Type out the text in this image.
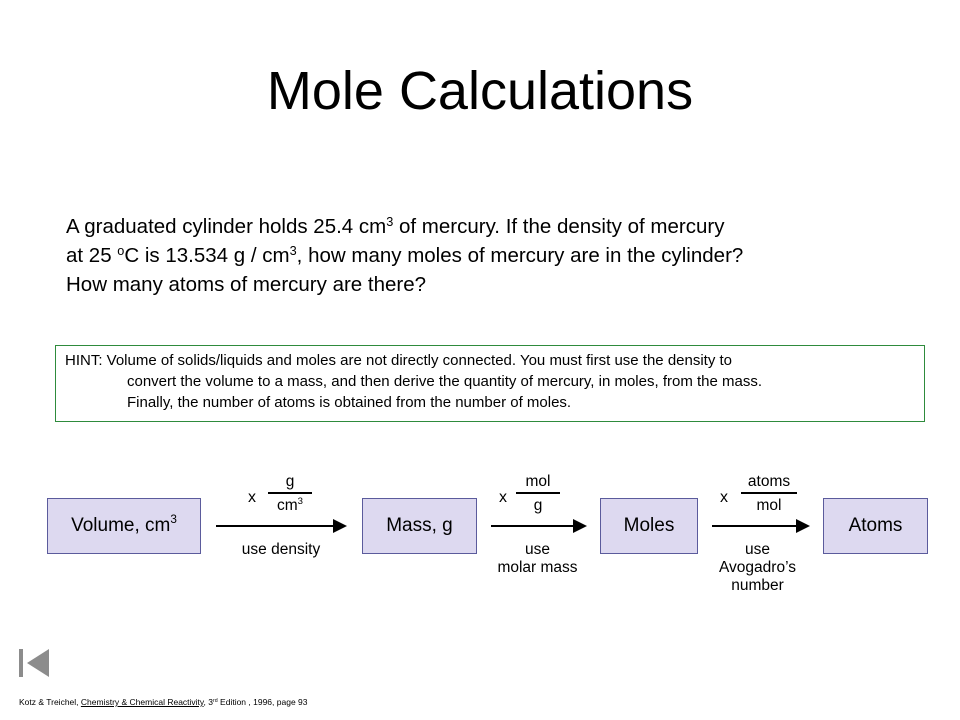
Mole Calculations
A graduated cylinder holds 25.4 $cm^3$ of mercury. If the density of mercury
at 25 $^o$C is 13.534 g / $cm^3$, how many moles of mercury are in the cylinder?
How many atoms of mercury are there?
HINT: Volume of solids/liquids and moles are not directly connected. You must first use the density to
convert the volume to a mass, and then derive the quantity of mercury, in moles, from the mass.
Finally, the number of atoms is obtained from the number of moles.
Volume, $cm^3$	Mass, g	Moles	Atoms
x
g
$cm^3$
use density
x
mol
g
use
molar mass
x
atoms
mol
use
Avogadro’s
number
Kotz & Treichel, Chemistry & Chemical Reactivity, 3rd Edition , 1996, page 93
